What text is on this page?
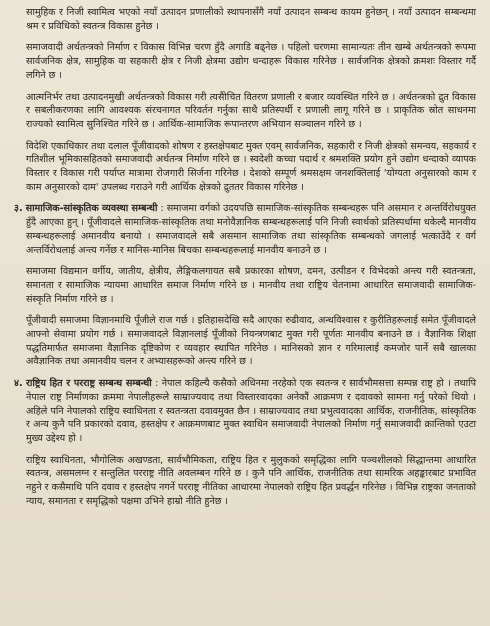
सामुहिक र निजी स्वामित्व भएको नयाँ उत्पादन प्रणालीको स्थापनासँगै नयाँ उत्पादन सम्बन्ध कायम हुनेछन् । नयाँ उत्पादन सम्बन्धमा श्रम र प्रविधिको स्वतन्त्र विकास हुनेछ ।

समाजवादी अर्थतन्त्रको निर्माण र विकास विभिन्न चरण हुँदै अगाडि बढ्नेछ । पहिलो चरणमा सामान्यतः तीन खम्बे अर्थतन्त्रको रूपमा सार्वजनिक क्षेत्र, सामुहिक वा सहकारी क्षेत्र र निजी क्षेत्रमा उद्योग धन्दाहरू विकास गरिनेछ । सार्वजनिक क्षेत्रको क्रमशः विस्तार गर्दै लगिने छ ।

आत्मनिर्भर तथा उत्पादनमुखी अर्थतन्त्रको विकास गरी त्यसैोचित वितरण प्रणाली र बजार व्यवस्थित गरिने छ । अर्थतन्त्रको द्रुत विकास र सबलीकरणका लागि आवश्यक संरचनागत परिवर्तन गर्नुका साथै प्रतिस्पर्धी र प्रणाली लागू गरिने छ । प्राकृतिक स्रोत साधनमा राज्यको स्वामित्व सुनिश्चित गरिने छ । आर्थिक-सामाजिक रूपान्तरण अभियान सञ्चालन गरिने छ ।

विदेशि एकाधिकार तथा दलाल पूँजीवादको शोषण र हस्तक्षेपबाट मुक्त एवम् सार्वजनिक, सहकारी र निजी क्षेत्रको समन्वय, सहकार्य र गतिशील भूमिकासहितको समाजवादी अर्थतन्त्र निर्माण गरिने छ । स्वदेशी कच्चा पदार्थ र श्रमशक्ति प्रयोग हुने उद्योग धन्दाको व्यापक विस्तार र विकास गरी पर्याप्त मात्रामा रोजगारी सिर्जना गरिनेछ । देशको सम्पूर्ण श्रमसक्षम जनशक्तिलाई 'योग्यता अनुसारको काम र काम अनुसारको दाम' उपलब्ध गराउने गरी आर्थिक क्षेत्रको द्रुततर विकास गरिनेछ ।

३. सामाजिक-सांस्कृतिक व्यवस्था सम्बन्धी : समाजमा वर्गको उदयपछि सामाजिक-सांस्कृतिक सम्बन्धहरू पनि असमान र अन्तर्विरोधयुक्त हुँदै आएका हुन् । पूँजीवादले सामाजिक-सांस्कृतिक तथा मनोवैज्ञानिक सम्बन्धहरूलाई पनि निजी स्वार्थको प्रतिस्पर्धामा धकेल्दै मानवीय सम्बन्धहरूलाई अमानवीय बनायो । समाजवादले सबै असमान सामाजिक तथा सांस्कृतिक सम्बन्धको जगलाई भत्काउँदै र वर्ग अन्तर्विरोधलाई अन्त्य गर्नेछ र मानिस-मानिस बिचका सम्बन्धहरूलाई मानवीय बनाउने छ ।

समाजमा विद्यमान वर्गीय, जातीय, क्षेत्रीय, लैङ्गिकलगायत सबै प्रकारका शोषण, दमन, उत्पीडन र विभेदको अन्त्य गरी स्वतन्त्रता, समानता र सामाजिक न्यायमा आधारित समाज निर्माण गरिने छ । मानवीय तथा राष्ट्रिय चेतनामा आधारित समाजवादी सामाजिक-संस्कृति निर्माण गरिने छ ।

पूँजीवादी समाजमा विज्ञानमाथि पूँजीले राज गर्छ । इतिहासदेखि सदै आएका रुढीवाद, अन्धविश्वास र कुरीतिहरूलाई समेत पूँजीवादले आफ्नो सेवामा प्रयोग गर्छ । समाजवादले विज्ञानलाई पूँजीको नियन्त्रणबाट मुक्त गरी पूर्णतः मानवीय बनाउने छ । वैज्ञानिक शिक्षा पद्धतिमार्फत समाजमा वैज्ञानिक दृष्टिकोण र व्यवहार स्थापित गरिनेछ । मानिसको ज्ञान र गरिमालाई कमजोर पार्ने सबै खालका अवैज्ञानिक तथा अमानवीय चलन र अभ्यासहरूको अन्त्य गरिने छ ।

४. राष्ट्रिय हित र परराष्ट्र सम्बन्ध सम्बन्धी : नेपाल कहिल्यै कसैको अधिनमा नरहेको एक स्वतन्त्र र सार्वभौमसत्ता सम्पन्न राष्ट्र हो । तथापि नेपाल राष्ट्र निर्माणका क्रममा नेपालीहरूले साम्राज्यवाद तथा विस्तारवादका अनेकौं आक्रमण र दवावको सामना गर्नु परेको थियो । अहिले पनि नेपालको राष्ट्रिय स्वाधिनता र स्वतन्त्रता दवावमुक्त छैन । साम्राज्यवाद तथा प्रभुत्ववादका आर्थिक, राजनीतिक, सांस्कृतिक र अन्य कुनै पनि प्रकारको दवाव, हस्तक्षेप र आक्रमणबाट मुक्त स्वाधिन समाजवादी नेपालको निर्माण गर्नु समाजवादी क्रान्तिको एउटा मुख्य उद्देश्य हो ।

राष्ट्रिय स्वाधिनता, भौगोलिक अखण्डता, सार्वभौमिकता, राष्ट्रिय हित र मुलुकको समृद्धिका लागि पञ्चशीलको सिद्धान्तमा आधारित स्वतन्त्र, असमलग्न र सन्तुलित परराष्ट्र नीति अवलम्बन गरिने छ । कुनै पनि आर्थिक, राजनीतिक तथा सामरिक अहङ्कारबाट प्रभावित नहुने र कसैमाथि पनि दवाव र हस्तक्षेप नगर्ने परराष्ट्र नीतिका आधारमा नेपालको राष्ट्रिय हित प्रवर्द्धन गरिनेछ । विभिन्न राष्ट्रका जनताको न्याय, समानता र समृद्धिको पक्षमा उभिने हाम्रो नीति हुनेछ ।
